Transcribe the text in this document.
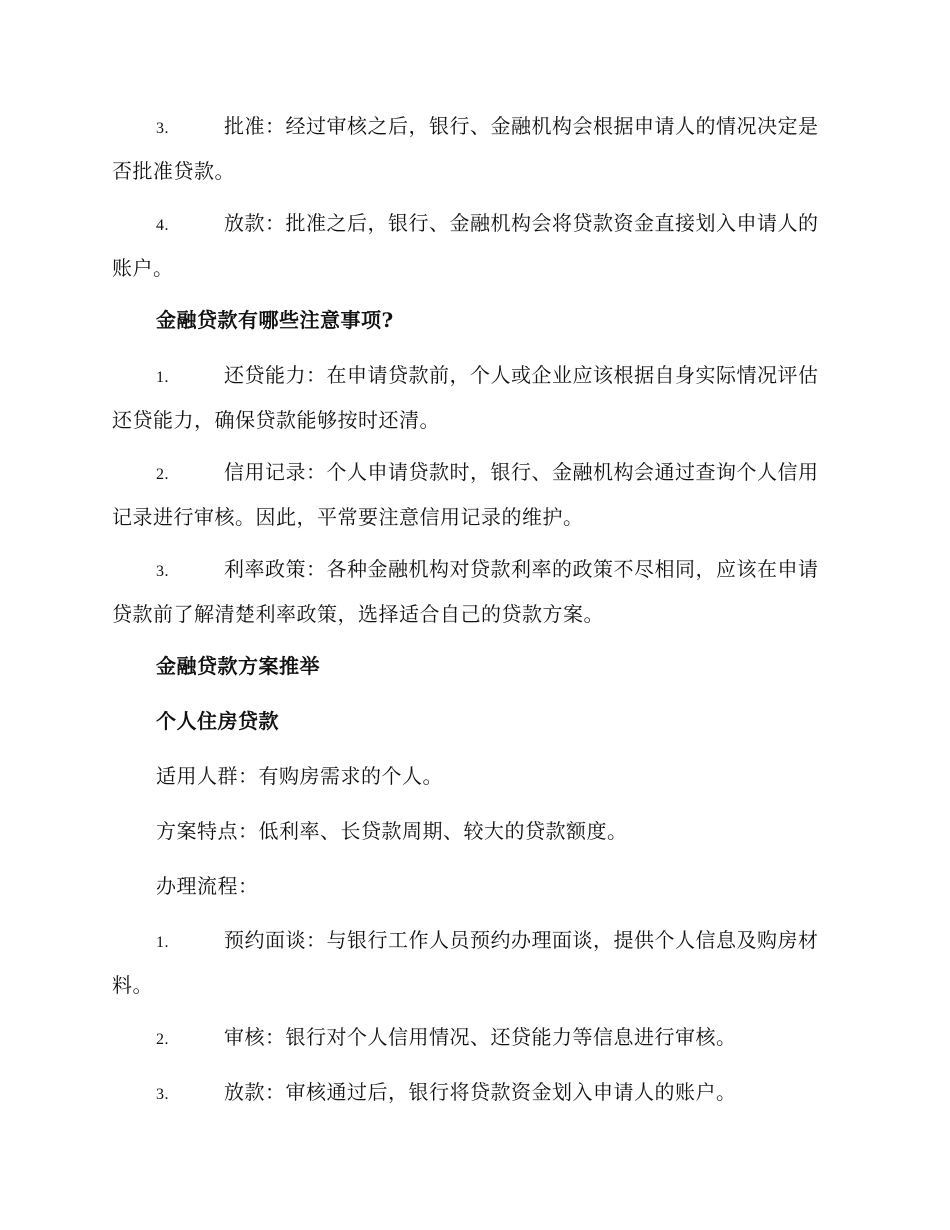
3.	批准：经过审核之后，银行、金融机构会根据申请人的情况决定是否批准贷款。

4.	放款：批准之后，银行、金融机构会将贷款资金直接划入申请人的账户。

金融贷款有哪些注意事项?

1.	还贷能力：在申请贷款前，个人或企业应该根据自身实际情况评估还贷能力，确保贷款能够按时还清。

2.	信用记录：个人申请贷款时，银行、金融机构会通过查询个人信用记录进行审核。因此，平常要注意信用记录的维护。

3.	利率政策：各种金融机构对贷款利率的政策不尽相同，应该在申请贷款前了解清楚利率政策，选择适合自己的贷款方案。

金融贷款方案推举

个人住房贷款

适用人群：有购房需求的个人。

方案特点：低利率、长贷款周期、较大的贷款额度。

办理流程：

1.	预约面谈：与银行工作人员预约办理面谈，提供个人信息及购房材料。

2.	审核：银行对个人信用情况、还贷能力等信息进行审核。

3.	放款：审核通过后，银行将贷款资金划入申请人的账户。
